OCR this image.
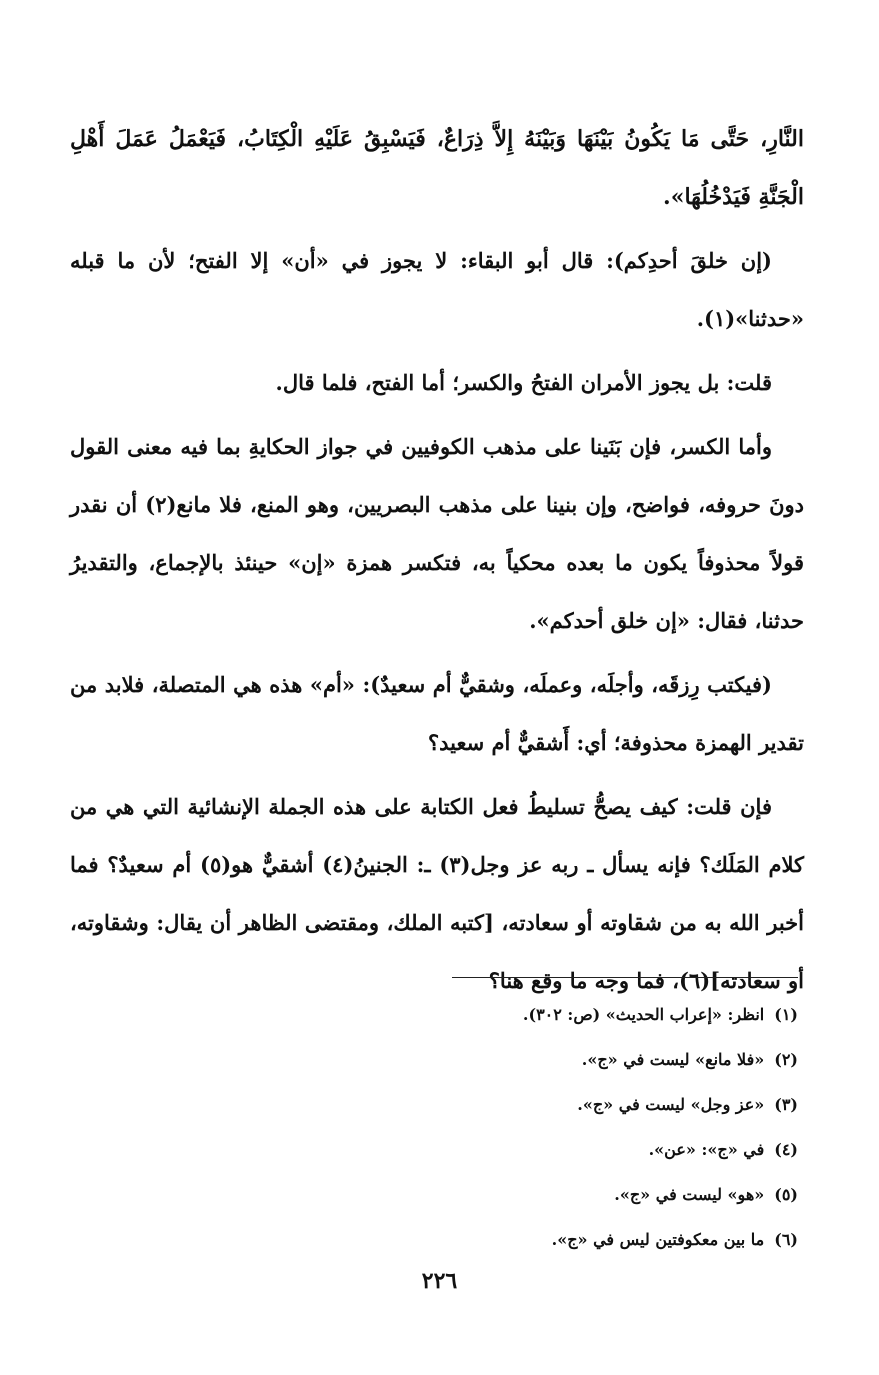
النَّارِ، حَتَّى مَا يَكُونُ بَيْنَهَا وَبَيْنَهُ إِلاَّ ذِرَاعٌ، فَيَسْبِقُ عَلَيْهِ الْكِتَابُ، فَيَعْمَلُ عَمَلَ أَهْلِ الْجَنَّةِ فَيَدْخُلُهَا».

(إن خلقَ أحدِكم): قال أبو البقاء: لا يجوز في «أن» إلا الفتح؛ لأن ما قبله «حدثنا»(١).

قلت: بل يجوز الأمران الفتحُ والكسر؛ أما الفتح، فلما قال.

وأما الكسر، فإن بَنَينا على مذهب الكوفيين في جواز الحكايةِ بما فيه معنى القول دونَ حروفه، فواضح، وإن بنينا على مذهب البصريين، وهو المنع، فلا مانع(٢) أن نقدر قولاً محذوفاً يكون ما بعده محكياً به، فتكسر همزة «إن» حينئذ بالإجماع، والتقديرُ حدثنا، فقال: «إن خلق أحدكم».

(فيكتب رِزقَه، وأجلَه، وعملَه، وشقيٌّ أم سعيدٌ): «أم» هذه هي المتصلة، فلابد من تقدير الهمزة محذوفة؛ أي: أَشقيٌّ أم سعيد؟

فإن قلت: كيف يصحُّ تسليطُ فعل الكتابة على هذه الجملة الإنشائية التي هي من كلام المَلَك؟ فإنه يسأل ـ ربه عز وجل(٣) ـ: الجنينُ(٤) أشقيٌّ هو(٥) أم سعيدٌ؟ فما أخبر الله به من شقاوته أو سعادته، [كتبه الملك، ومقتضى الظاهر أن يقال: وشقاوته، أو سعادته](٦)، فما وجه ما وقع هنا؟

(١)انظر: «إعراب الحديث» (ص: ٣٠٢).
(٢)«فلا مانع» ليست في «ج».
(٣)«عز وجل» ليست في «ج».
(٤)في «ج»: «عن».
(٥)«هو» ليست في «ج».
(٦)ما بين معكوفتين ليس في «ج».
٢٢٦
